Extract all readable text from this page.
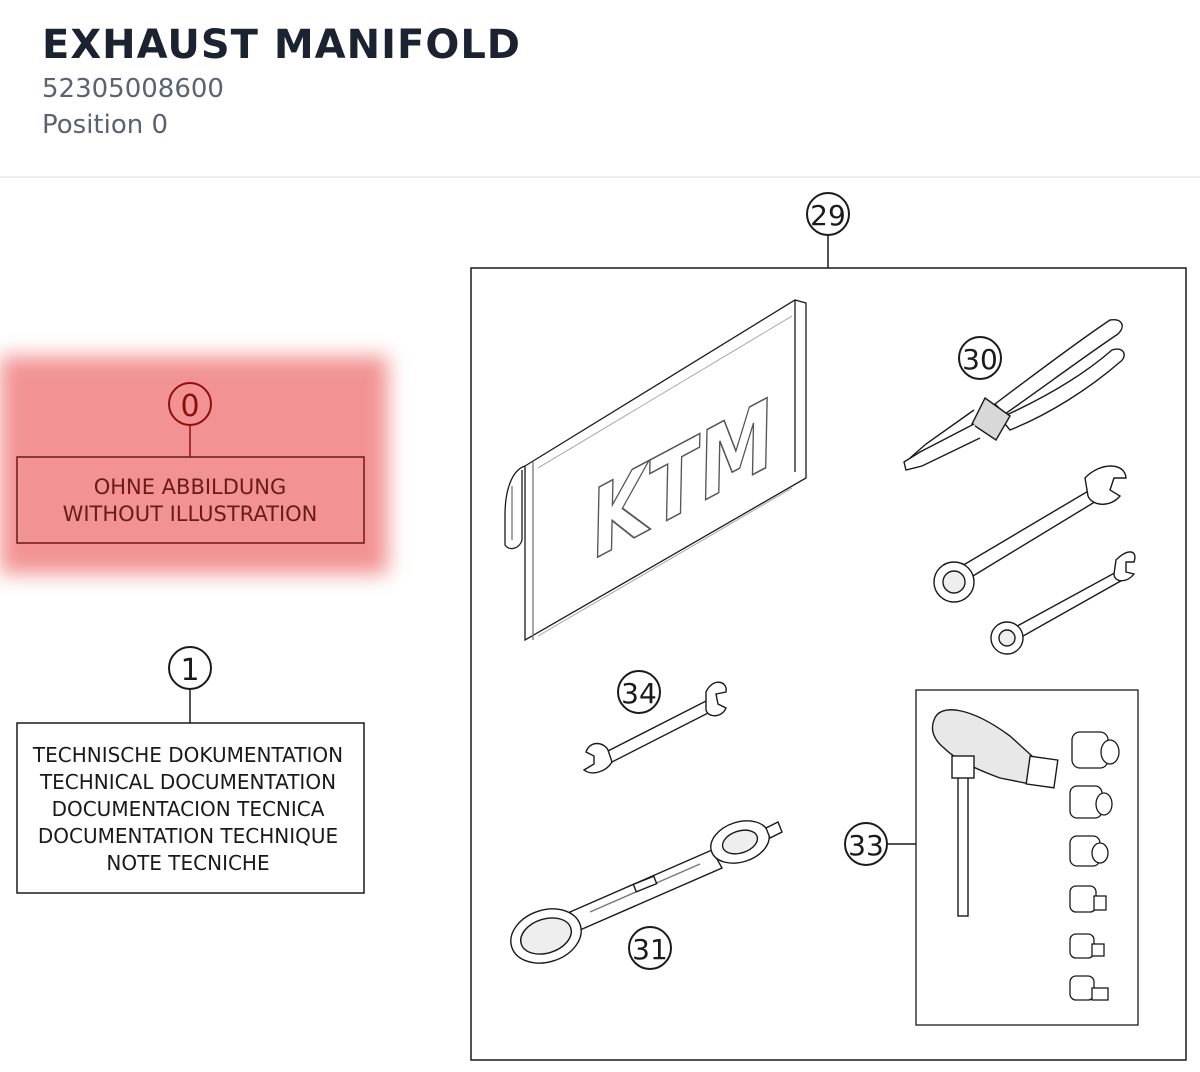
EXHAUST MANIFOLD
52305008600
Position 0
0
OHNE ABBILDUNG
WITHOUT ILLUSTRATION
1
TECHNISCHE DOKUMENTATION
TECHNICAL DOCUMENTATION
DOCUMENTACION TECNICA
DOCUMENTATION TECHNIQUE
NOTE TECNICHE
29
KTM
30
34
31
33
